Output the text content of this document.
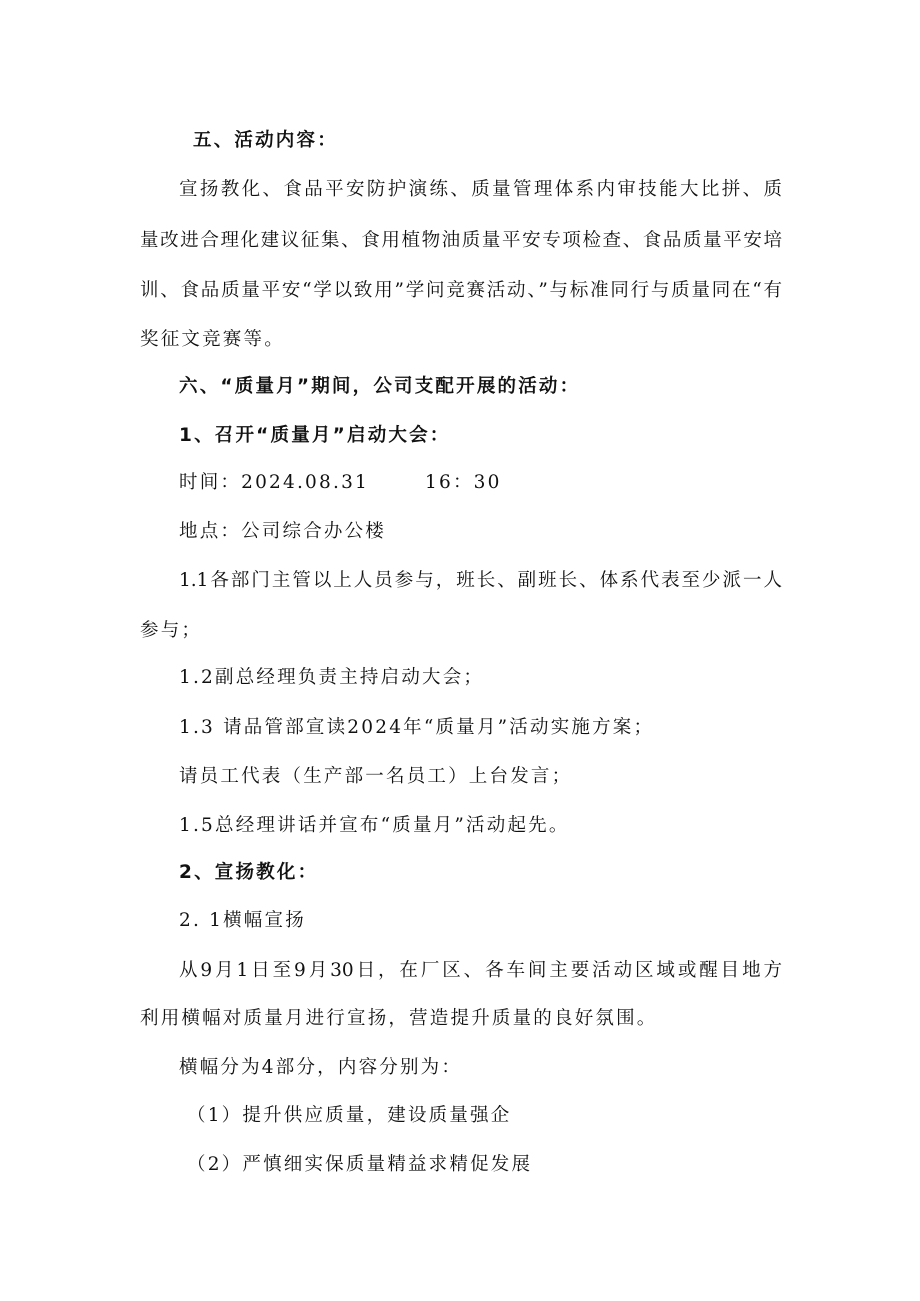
五、活动内容：
宣扬教化、食品平安防护演练、质量管理体系内审技能大比拼、质
量改进合理化建议征集、食用植物油质量平安专项检查、食品质量平安培
训、食品质量平安“学以致用”学问竞赛活动、”与标准同行与质量同在“有
奖征文竞赛等。
六、“质量月”期间，公司支配开展的活动：
1、召开“质量月”启动大会：
时间：2024.08.31	16：30
地点：公司综合办公楼
1.1各部门主管以上人员参与，班长、副班长、体系代表至少派一人
参与；
1.2副总经理负责主持启动大会；
1.3 请品管部宣读2024年“质量月”活动实施方案；
请员工代表（生产部一名员工）上台发言；
1.5总经理讲话并宣布“质量月”活动起先。
2、宣扬教化：
2. 1横幅宣扬
从9月1日至9月30日，在厂区、各车间主要活动区域或醒目地方
利用横幅对质量月进行宣扬，营造提升质量的良好氛围。
横幅分为4部分，内容分别为：
（1）提升供应质量，建设质量强企
（2）严慎细实保质量精益求精促发展
